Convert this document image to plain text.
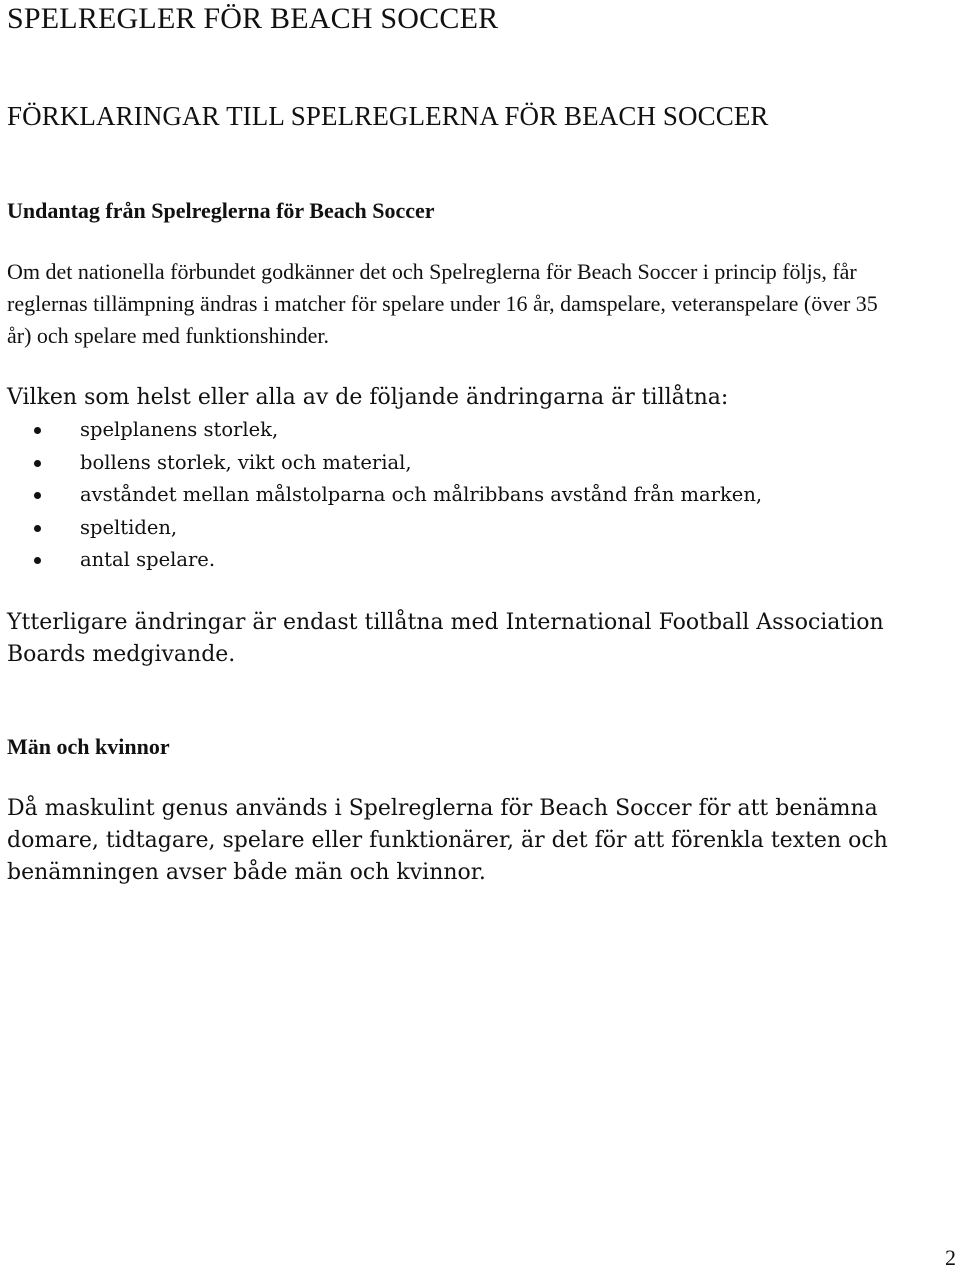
SPELREGLER FÖR BEACH SOCCER
FÖRKLARINGAR TILL SPELREGLERNA FÖR BEACH SOCCER
Undantag från Spelreglerna för Beach Soccer

Om det nationella förbundet godkänner det och Spelreglerna för Beach Soccer i princip följs, får reglernas tillämpning ändras i matcher för spelare under 16 år, damspelare, veteranspelare (över 35 år) och spelare med funktionshinder.

Vilken som helst eller alla av de följande ändringarna är tillåtna:

spelplanens storlek,
bollens storlek, vikt och material,
avståndet mellan målstolparna och målribbans avstånd från marken,
speltiden,
antal spelare.

Ytterligare ändringar är endast tillåtna med International Football Association Boards medgivande.

Män och kvinnor

Då maskulint genus används i Spelreglerna för Beach Soccer för att benämna domare, tidtagare, spelare eller funktionärer, är det för att förenkla texten och benämningen avser både män och kvinnor.

2
